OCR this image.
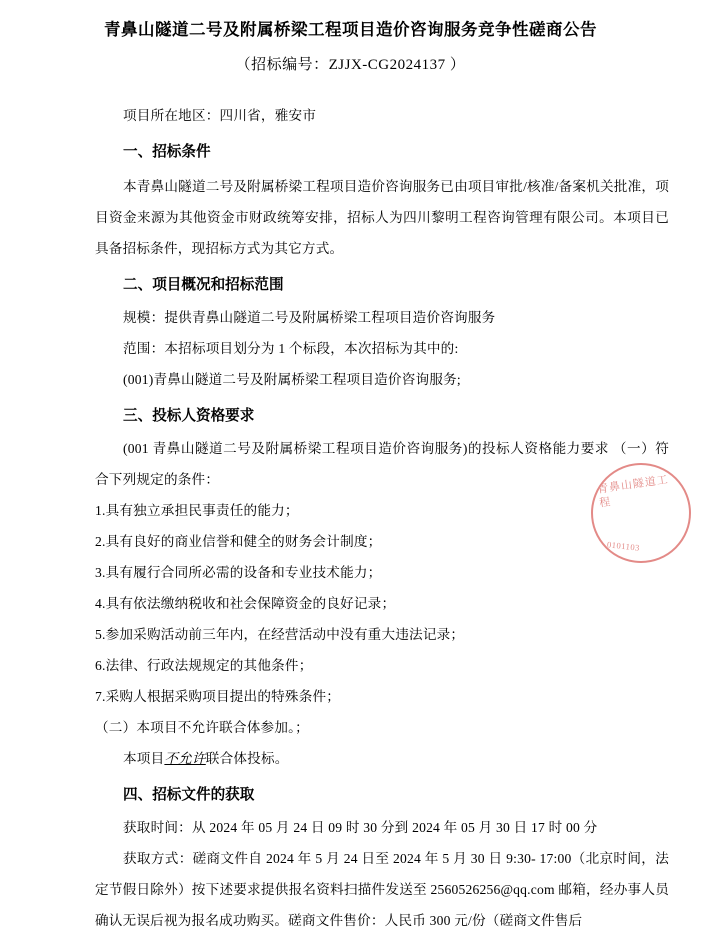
青鼻山隧道二号及附属桥梁工程项目造价咨询服务竞争性磋商公告
（招标编号：ZJJX-CG2024137 ）

项目所在地区：四川省，雅安市

一、招标条件

本青鼻山隧道二号及附属桥梁工程项目造价咨询服务已由项目审批/核准/备案机关批准，项目资金来源为其他资金市财政统筹安排，招标人为四川黎明工程咨询管理有限公司。本项目已具备招标条件，现招标方式为其它方式。

二、项目概况和招标范围

规模：提供青鼻山隧道二号及附属桥梁工程项目造价咨询服务

范围：本招标项目划分为 1 个标段，本次招标为其中的:

(001)青鼻山隧道二号及附属桥梁工程项目造价咨询服务;

三、投标人资格要求

(001 青鼻山隧道二号及附属桥梁工程项目造价咨询服务)的投标人资格能力要求 （一）符合下列规定的条件：

1.具有独立承担民事责任的能力；

2.具有良好的商业信誉和健全的财务会计制度；

3.具有履行合同所必需的设备和专业技术能力；

4.具有依法缴纳税收和社会保障资金的良好记录；

5.参加采购活动前三年内，在经营活动中没有重大违法记录；

6.法律、行政法规规定的其他条件；

7.采购人根据采购项目提出的特殊条件；

（二）本项目不允许联合体参加。；

本项目不允许联合体投标。

四、招标文件的获取

获取时间：从 2024 年 05 月 24 日 09 时 30 分到 2024 年 05 月 30 日 17 时 00 分

获取方式：磋商文件自 2024 年 5 月 24 日至 2024 年 5 月 30 日 9:30- 17:00（北京时间，法定节假日除外）按下述要求提供报名资料扫描件发送至 2560526256@qq.com 邮箱，经办事人员确认无误后视为报名成功购买。磋商文件售价：人民币 300 元/份（磋商文件售后

青鼻山隧道工程
0101103
